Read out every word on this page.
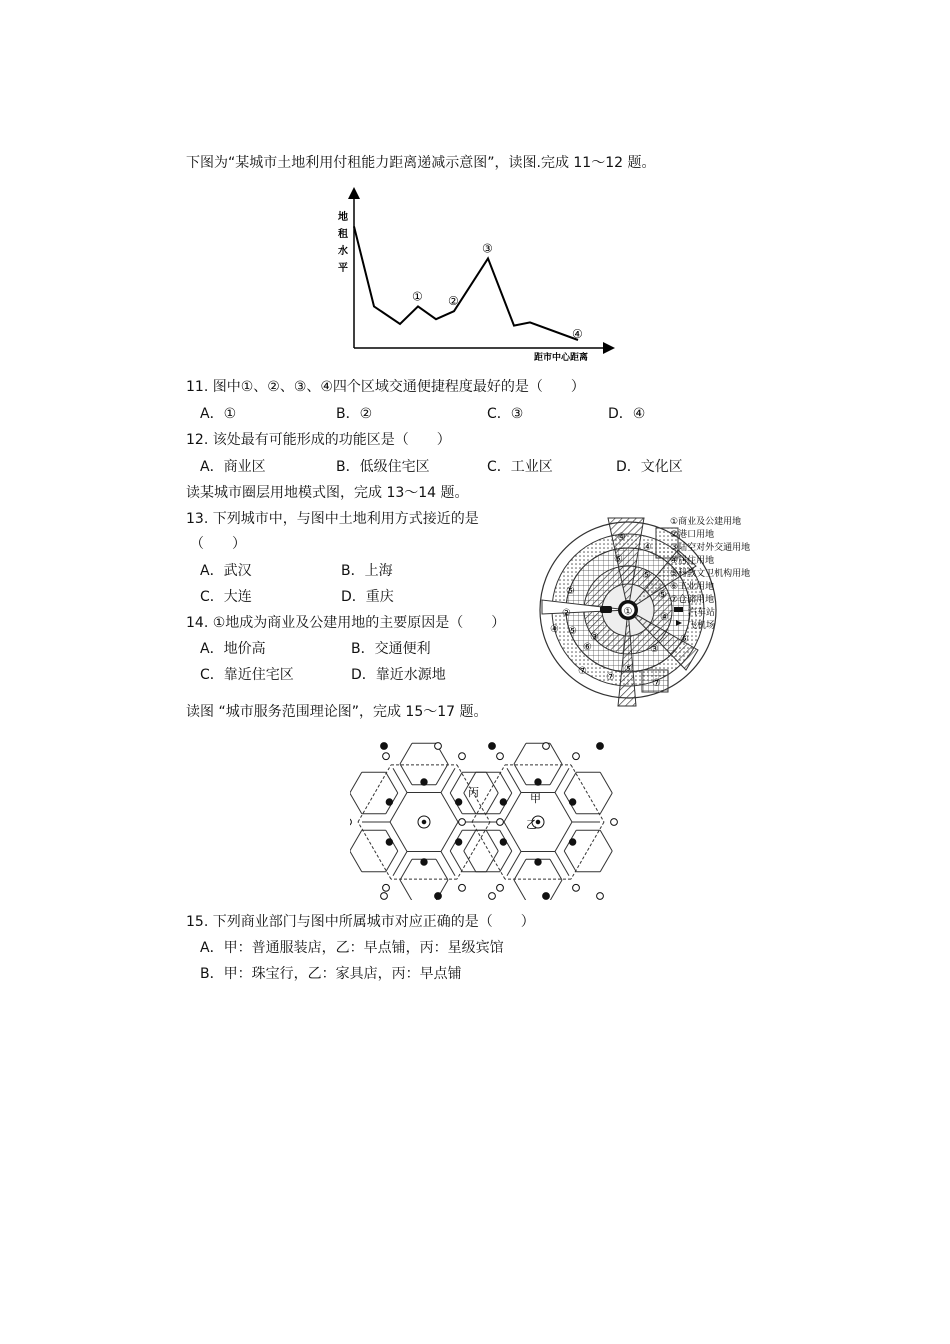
下图为“某城市土地利用付租能力距离递减示意图”，读图.完成 11～12 题。
地
租
水
平
距市中心距离
① ②
③
④
11. 图中①、②、③、④四个区域交通便捷程度最好的是（　　）
A．①	B．②	C．③	D．④
12. 该处最有可能形成的功能区是（　　）
A．商业区	B．低级住宅区	C．工业区	D．文化区
读某城市圈层用地模式图，完成 13～14 题。
13. 下列城市中，与图中土地利用方式接近的是
（　　）
A．武汉	B．上海
C．大连	D．重庆
14. ①地成为商业及公建用地的主要原因是（　　）
A．地价高	B．交通便利
C．靠近住宅区	D．靠近水源地
①
④
④
⑤
⑤
④
⑥
⑤
④ ⑤
③
⑥
⑤
⑦
⑦
③
⑦
⑥
②
①商业及公建用地
②港口用地
③陆空对外交通用地
④居住用地
⑤科教文卫机构用地
⑥工业用地
⑦仓储用地
汽车站
飞机场
读图 “城市服务范围理论图”，完成 15～17 题。
丙	甲
乙
15. 下列商业部门与图中所属城市对应正确的是（　　）
A．甲：普通服装店，乙：早点铺，丙：星级宾馆
B．甲：珠宝行，乙：家具店，丙：早点铺
